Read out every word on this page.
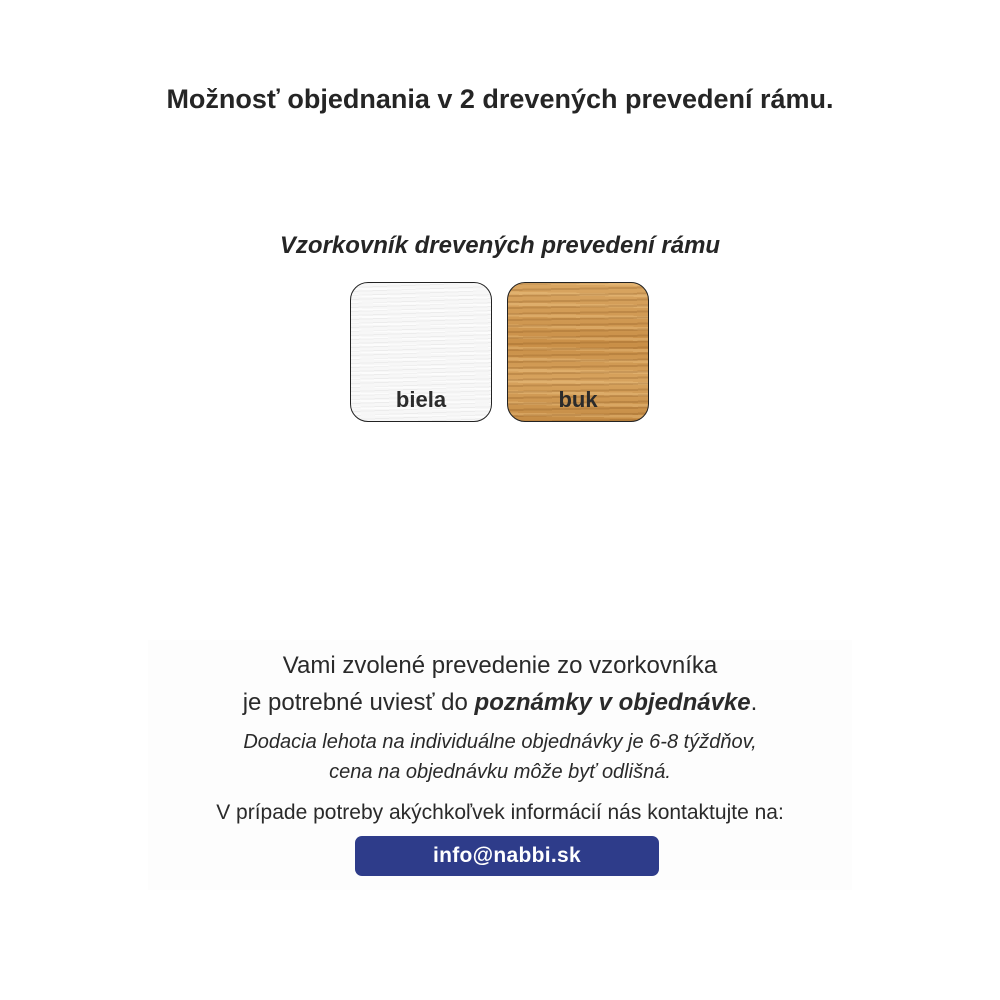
Možnosť objednania v 2 drevených prevedení rámu.
Vzorkovník drevených prevedení rámu
biela	buk
Vami zvolené prevedenie zo vzorkovníka
je potrebné uviesť do poznámky v objednávke.
Dodacia lehota na individuálne objednávky je 6-8 týždňov,
cena na objednávku môže byť odlišná.
V prípade potreby akýchkoľvek informácií nás kontaktujte na:
info@nabbi.sk
